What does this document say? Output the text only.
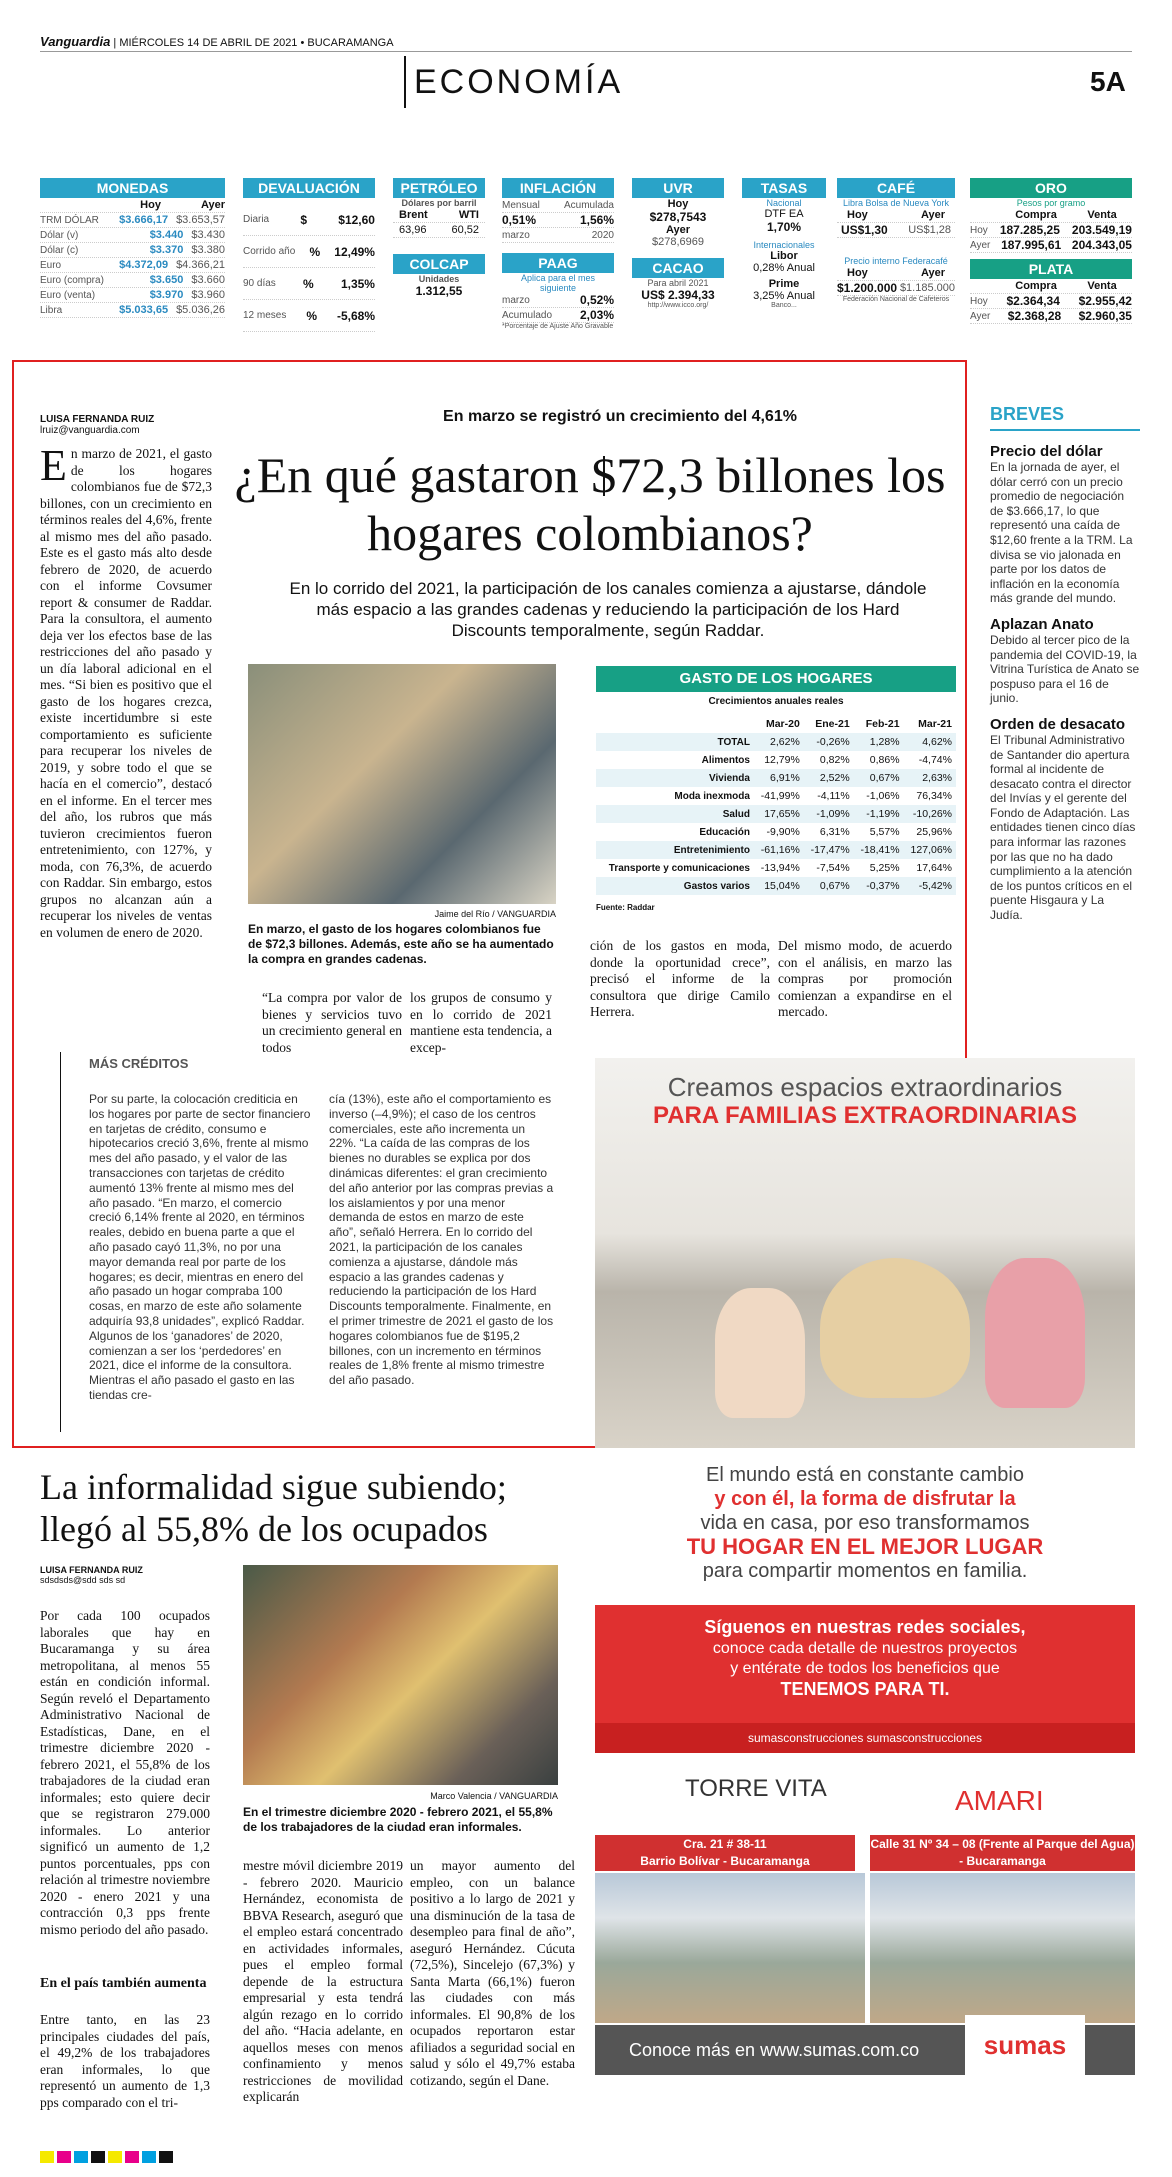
Vanguardia | MIÉRCOLES 14 DE ABRIL DE 2021 • BUCARAMANGA
ECONOMÍA	5A
MONEDAS
Hoy	Ayer
TRM DÓLAR $3.666,17 $3.653,57
Dólar (v)	$3.440 $3.430
Dólar (c)	$3.370 $3.380
Euro	$4.372,09 $4.366,21
Euro (compra)	$3.650 $3.660
Euro (venta)	$3.970 $3.960
Libra	$5.033,65 $5.036,26
DEVALUACIÓN
Diaria	$	$12,60
Corrido año % 12,49%
90 días % 1,35%
12 meses % -5,68%
PETRÓLEO
Dólares por barril
Brent	WTI
63,96 60,52
COLCAP
Unidades
1.312,55
INFLACIÓN
Mensual Acumulada
0,51%	1,56%
marzo	2020
PAAG
Aplica para el mes siguiente
marzo	0,52%
Acumulado 2,03%
*Porcentaje de Ajuste Año Gravable
UVR
Hoy
$278,7543
Ayer
$278,6969
CACAO
Para abril 2021
US$ 2.394,33
http://www.icco.org/
TASAS
Nacional
DTF EA
1,70%
Internacionales
Libor
0,28% Anual
Prime
3,25% Anual
Banco...
CAFÉ
Libra Bolsa de Nueva York
Hoy	Ayer
US$1,30 US$1,28
Precio interno Federacafé
Hoy	Ayer
$1.200.000 $1.185.000
Federación Nacional de Cafeteros
ORO
Pesos por gramo
Compra	Venta
Hoy 187.285,25 203.549,19
Ayer 187.995,61 204.343,05
PLATA
Compra	Venta
Hoy $2.364,34 $2.955,42
Ayer $2.368,28 $2.960,35
LUISA FERNANDA RUIZ
lruiz@vanguardia.com
En marzo se registró un crecimiento del 4,61%
¿En qué gastaron $72,3 billones los hogares colombianos?
En lo corrido del 2021, la participación de los canales comienza a ajustarse, dándole más espacio a las grandes cadenas y reduciendo la participación de los Hard Discounts temporalmente, según Raddar.
En marzo de 2021, el gasto de los hogares colombianos fue de $72,3 billones, con un crecimiento en términos reales del 4,6%, frente al mismo mes del año pasado. Este es el gasto más alto desde febrero de 2020, de acuerdo con el informe Covsumer report & consumer de Raddar. Para la consultora, el aumento deja ver los efectos base de las restricciones del año pasado y un día laboral adicional en el mes. “Si bien es positivo que el gasto de los hogares crezca, existe incertidumbre si este comportamiento es suficiente para recuperar los niveles de 2019, y sobre todo el que se hacía en el comercio”, destacó en el informe. En el tercer mes del año, los rubros que más tuvieron crecimientos fueron entretenimiento, con 127%, y moda, con 76,3%, de acuerdo con Raddar. Sin embargo, estos grupos no alcanzan aún a recuperar los niveles de ventas en volumen de enero de 2020.
Jaime del Río / VANGUARDIA
En marzo, el gasto de los hogares colombianos fue de $72,3 billones. Además, este año se ha aumentado la compra en grandes cadenas.
“La compra por valor de bienes y servicios tuvo un crecimiento general en todos
los grupos de consumo y en lo corrido de 2021 mantiene esta tendencia, a excep-
ción de los gastos en moda, donde la oportunidad crece”, precisó el informe de la consultora que dirige Camilo Herrera.
Del mismo modo, de acuerdo con el análisis, en marzo las compras por promoción comienzan a expandirse en el mercado.
GASTO DE LOS HOGARES
Crecimientos anuales reales
	Mar-20	Ene-21	Feb-21	Mar-21
TOTAL	2,62%	-0,26%	1,28%	4,62%
Alimentos	12,79%	0,82%	0,86%	-4,74%
Vivienda	6,91%	2,52%	0,67%	2,63%
Moda inexmoda	-41,99%	-4,11%	-1,06%	76,34%
Salud	17,65%	-1,09%	-1,19%	-10,26%
Educación	-9,90%	6,31%	5,57%	25,96%
Entretenimiento	-61,16%	-17,47%	-18,41%	127,06%
Transporte y comunicaciones	-13,94%	-7,54%	5,25%	17,64%
Gastos varios	15,04%	0,67%	-0,37%	-5,42%
Fuente: Raddar
MÁS CRÉDITOS
Por su parte, la colocación crediticia en los hogares por parte de sector financiero en tarjetas de crédito, consumo e hipotecarios creció 3,6%, frente al mismo mes del año pasado, y el valor de las transacciones con tarjetas de crédito aumentó 13% frente al mismo mes del año pasado. “En marzo, el comercio creció 6,14% frente al 2020, en términos reales, debido en buena parte a que el año pasado cayó 11,3%, no por una mayor demanda real por parte de los hogares; es decir, mientras en enero del año pasado un hogar compraba 100 cosas, en marzo de este año solamente adquiría 93,8 unidades”, explicó Raddar. Algunos de los ‘ganadores’ de 2020, comienzan a ser los ‘perdedores’ en 2021, dice el informe de la consultora. Mientras el año pasado el gasto en las tiendas cre-
cía (13%), este año el comportamiento es inverso (–4,9%); el caso de los centros comerciales, este año incrementa un 22%. “La caída de las compras de los bienes no durables se explica por dos dinámicas diferentes: el gran crecimiento del año anterior por las compras previas a los aislamientos y por una menor demanda de estos en marzo de este año”, señaló Herrera. En lo corrido del 2021, la participación de los canales comienza a ajustarse, dándole más espacio a las grandes cadenas y reduciendo la participación de los Hard Discounts temporalmente. Finalmente, en el primer trimestre de 2021 el gasto de los hogares colombianos fue de $195,2 billones, con un incremento en términos reales de 1,8% frente al mismo trimestre del año pasado.
Creamos espacios extraordinarios
PARA FAMILIAS EXTRAORDINARIAS
BREVES
Precio del dólar

En la jornada de ayer, el dólar cerró con un precio promedio de negociación de $3.666,17, lo que representó una caída de $12,60 frente a la TRM. La divisa se vio jalonada en parte por los datos de inflación en la economía más grande del mundo.

Aplazan Anato

Debido al tercer pico de la pandemia del COVID-19, la Vitrina Turística de Anato se pospuso para el 16 de junio.

Orden de desacato

El Tribunal Administrativo de Santander dio apertura formal al incidente de desacato contra el director del Invías y el gerente del Fondo de Adaptación. Las entidades tienen cinco días para informar las razones por las que no ha dado cumplimiento a la atención de los puntos críticos en el puente Hisgaura y La Judía.

La informalidad sigue subiendo; llegó al 55,8% de los ocupados
LUISA FERNANDA RUIZ
sdsdsds@sdd sds sd
Por cada 100 ocupados laborales que hay en Bucaramanga y su área metropolitana, al menos 55 están en condición informal. Según reveló el Departamento Administrativo Nacional de Estadísticas, Dane, en el trimestre diciembre 2020 - febrero 2021, el 55,8% de los trabajadores de la ciudad eran informales; esto quiere decir que se registraron 279.000 informales. Lo anterior significó un aumento de 1,2 puntos porcentuales, pps con relación al trimestre noviembre 2020 - enero 2021 y una contracción 0,3 pps frente mismo periodo del año pasado.
En el país también aumenta
Entre tanto, en las 23 principales ciudades del país, el 49,2% de los trabajadores eran informales, lo que representó un aumento de 1,3 pps comparado con el tri-
Marco Valencia / VANGUARDIA
En el trimestre diciembre 2020 - febrero 2021, el 55,8% de los trabajadores de la ciudad eran informales.
mestre móvil diciembre 2019 - febrero 2020. Mauricio Hernández, economista de BBVA Research, aseguró que el empleo estará concentrado en actividades informales, pues el empleo formal depende de la estructura empresarial y esta tendrá algún rezago en lo corrido del año. “Hacia adelante, en aquellos meses con menos confinamiento y menos restricciones de movilidad explicarán
un mayor aumento del empleo, con un balance positivo a lo largo de 2021 y una disminución de la tasa de desempleo para final de año”, aseguró Hernández. Cúcuta (72,5%), Sincelejo (67,3%) y Santa Marta (66,1%) fueron las ciudades con más informales. El 90,8% de los ocupados reportaron estar afiliados a seguridad social en salud y sólo el 49,7% estaba cotizando, según el Dane.
El mundo está en constante cambio
y con él, la forma de disfrutar la
vida en casa, por eso transformamos
TU HOGAR EN EL MEJOR LUGAR
para compartir momentos en familia.
Síguenos en nuestras redes sociales,
conoce cada detalle de nuestros proyectos
y entérate de todos los beneficios que
TENEMOS PARA TI.
sumasconstrucciones sumasconstrucciones
TORRE VITA	AMARI
Cra. 21 # 38-11
Barrio Bolívar - Bucaramanga
Calle 31 Nº 34 – 08 (Frente al Parque del Agua) - Bucaramanga
Conoce más en www.sumas.com.co	sumas
